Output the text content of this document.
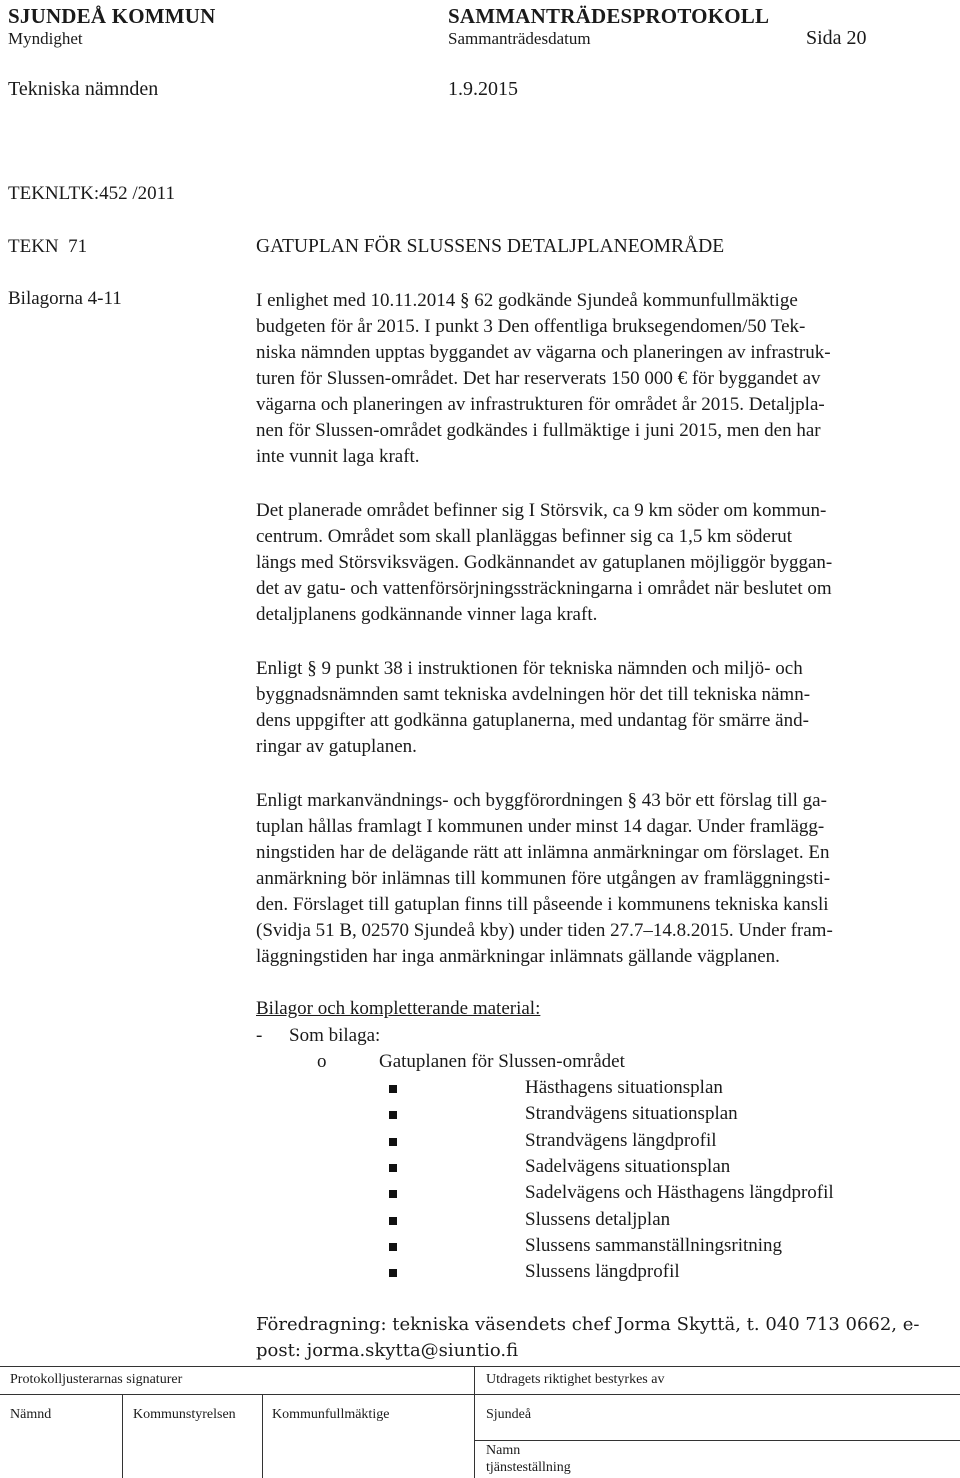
SJUNDEÅ KOMMUN	SAMMANTRÄDESPROTOKOLL
Myndighet	Sammanträdesdatum	Sida 20
Tekniska nämnden	1.9.2015
TEKNLTK:452 /2011
TEKN  71	GATUPLAN FÖR SLUSSENS DETALJPLANEOMRÅDE
Bilagorna 4-11	I enlighet med 10.11.2014 § 62 godkände Sjundeå kommunfullmäktige
budgeten för år 2015. I punkt 3 Den offentliga bruksegendomen/50 Tek-
niska nämnden upptas byggandet av vägarna och planeringen av infrastruk-
turen för Slussen-området. Det har reserverats 150 000 € för byggandet av
vägarna och planeringen av infrastrukturen för området år 2015. Detaljpla-
nen för Slussen-området godkändes i fullmäktige i juni 2015, men den har
inte vunnit laga kraft.
Det planerade området befinner sig I Störsvik, ca 9 km söder om kommun-
centrum. Området som skall planläggas befinner sig ca 1,5 km söderut
längs med Störsviksvägen. Godkännandet av gatuplanen möjliggör byggan-
det av gatu- och vattenförsörjningssträckningarna i området när beslutet om
detaljplanens godkännande vinner laga kraft.
Enligt § 9 punkt 38 i instruktionen för tekniska nämnden och miljö- och
byggnadsnämnden samt tekniska avdelningen hör det till tekniska nämn-
dens uppgifter att godkänna gatuplanerna, med undantag för smärre änd-
ringar av gatuplanen.
Enligt markanvändnings- och byggförordningen § 43 bör ett förslag till ga-
tuplan hållas framlagt I kommunen under minst 14 dagar. Under framlägg-
ningstiden har de delägande rätt att inlämna anmärkningar om förslaget. En
anmärkning bör inlämnas till kommunen före utgången av framläggningsti-
den. Förslaget till gatuplan finns till påseende i kommunens tekniska kansli
(Svidja 51 B, 02570 Sjundeå kby) under tiden 27.7–14.8.2015. Under fram-
läggningstiden har inga anmärkningar inlämnats gällande vägplanen.
Bilagor och kompletterande material:
- Som bilaga:
o	Gatuplanen för Slussen-området
Hästhagens situationsplan
Strandvägens situationsplan
Strandvägens längdprofil
Sadelvägens situationsplan
Sadelvägens och Hästhagens längdprofil
Slussens detaljplan
Slussens sammanställningsritning
Slussens längdprofil
Föredragning: tekniska väsendets chef Jorma Skyttä, t. 040 713 0662, e-
post: jorma.skytta@siuntio.fi
Protokolljusterarnas signaturer	Utdragets riktighet bestyrkes av
Nämnd	Kommunstyrelsen	Kommunfullmäktige	Sjundeå
Namn
tjänsteställning
